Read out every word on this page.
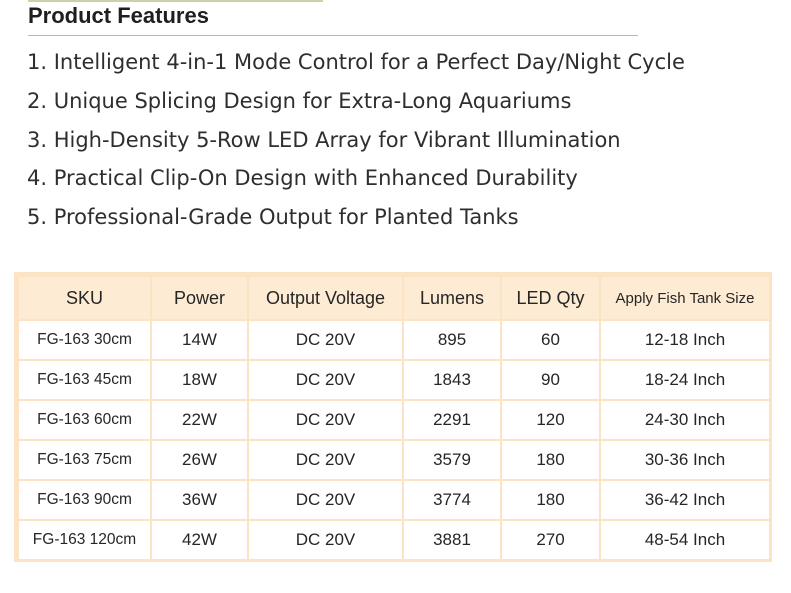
Product Features
1. Intelligent 4-in-1 Mode Control for a Perfect Day/Night Cycle
2. Unique Splicing Design for Extra-Long Aquariums
3. High-Density 5-Row LED Array for Vibrant Illumination
4. Practical Clip-On Design with Enhanced Durability
5. Professional-Grade Output for Planted Tanks
SKU	Power	Output Voltage	Lumens	LED Qty	Apply Fish Tank Size
FG-163 30cm	14W	DC 20V	895	60	12-18 Inch
FG-163 45cm	18W	DC 20V	1843	90	18-24 Inch
FG-163 60cm	22W	DC 20V	2291	120	24-30 Inch
FG-163 75cm	26W	DC 20V	3579	180	30-36 Inch
FG-163 90cm	36W	DC 20V	3774	180	36-42 Inch
FG-163 120cm	42W	DC 20V	3881	270	48-54 Inch
